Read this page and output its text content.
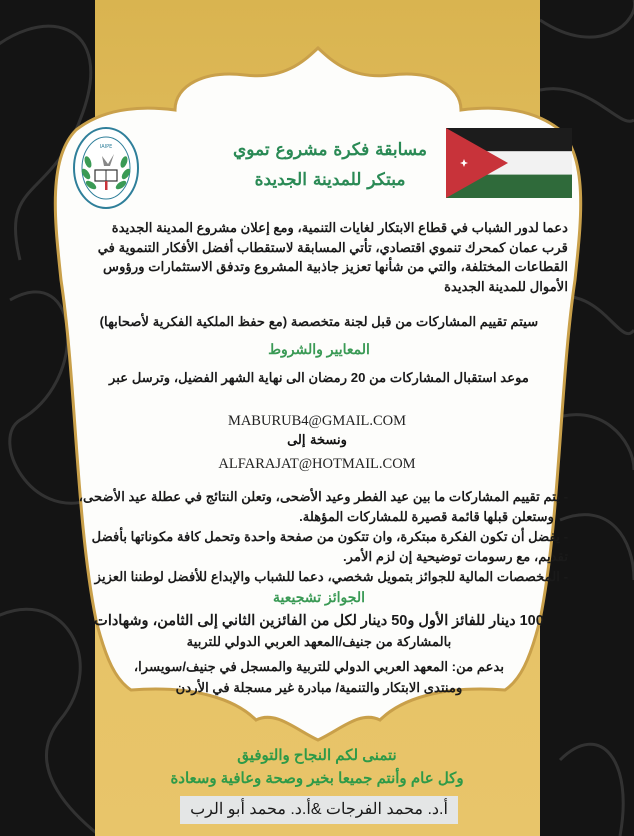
IAIPE	مسابقة فكرة مشروع تموي
مبتكر للمدينة الجديدة
دعما لدور الشباب في قطاع الابتكار لغايات التنمية، ومع إعلان مشروع المدينة الجديدة
قرب عمان كمحرك تنموي اقتصادي، تأتي المسابقة لاستقطاب أفضل الأفكار التنموية في
القطاعات المختلفة، والتي من شأنها تعزيز جاذبية المشروع وتدفق الاستثمارات ورؤوس
الأموال للمدينة الجديدة
سيتم تقييم المشاركات من قبل لجنة متخصصة (مع حفظ الملكية الفكرية لأصحابها)
المعايير والشروط
موعد استقبال المشاركات من 20 رمضان الى نهاية الشهر الفضيل، وترسل عبر
MABURUB4@GMAIL.COM
ونسخة إلى
ALFARAJAT@HOTMAIL.COM
- يتم تقييم المشاركات ما بين عيد الفطر وعيد الأضحى، وتعلن النتائج في عطلة عيد الأضحى،
وستعلن قبلها قائمة قصيرة للمشاركات المؤهلة.
- يفضل أن تكون الفكرة مبتكرة، وان تتكون من صفحة واحدة وتحمل كافة مكوناتها بأفضل
تقديم، مع رسومات توضيحية إن لزم الأمر.
- المخصصات المالية للجوائز بتمويل شخصي، دعما للشباب والإبداع للأفضل لوطننا العزيز
الجوائز تشجيعية
100 دينار للفائز الأول و50 دينار لكل من الفائزين الثاني إلى الثامن، وشهادات
بالمشاركة من جنيف/المعهد العربي الدولي للتربية
بدعم من: المعهد العربي الدولي للتربية والمسجل في جنيف/سويسرا،
ومنتدى الابتكار والتنمية/ مبادرة غير مسجلة في الأردن
نتمنى لكم النجاح والتوفيق
وكل عام وأنتم جميعا بخير وصحة وعافية وسعادة
أ.د. محمد الفرجات &أ.د. محمد أبو الرب
